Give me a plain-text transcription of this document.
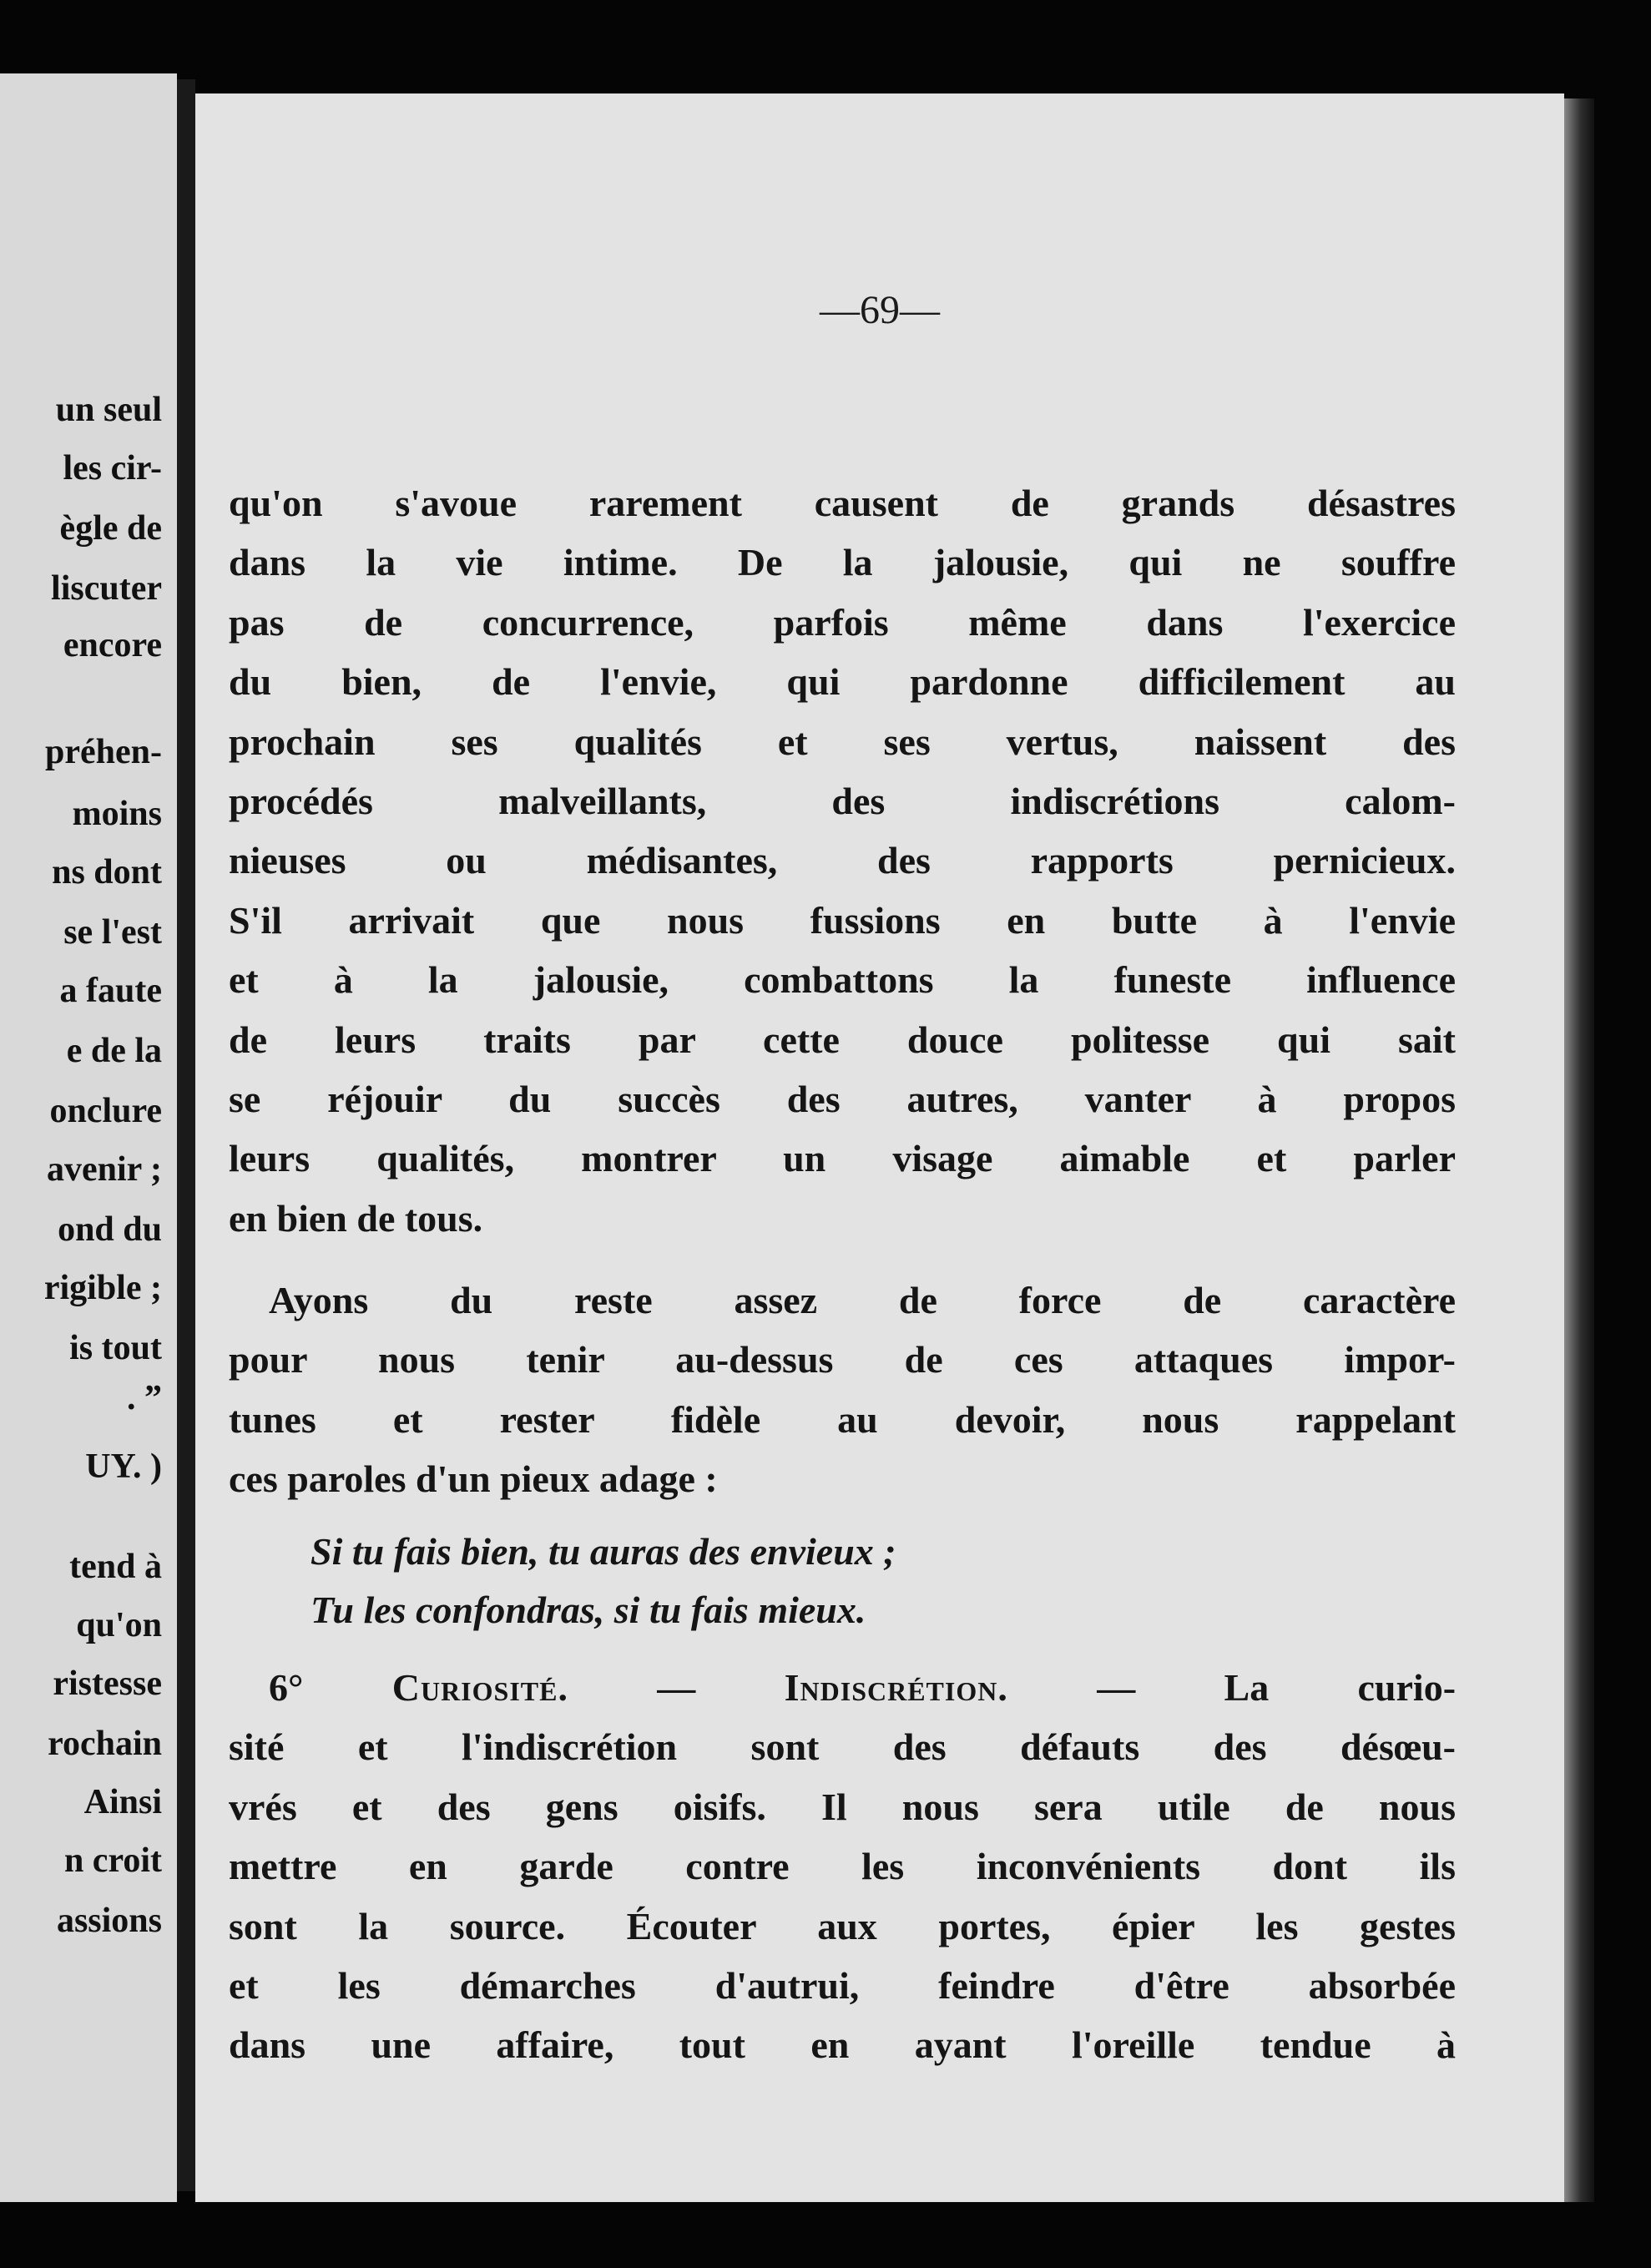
un seul
les cir-
ègle de
liscuter
encore
préhen-
moins
ns dont
se l'est
a faute
e de la
onclure
avenir ;
ond du
rigible ;
is tout
. ”
UY. )
tend à
qu'on
ristesse
rochain
Ainsi
n croit
assions
—69—
qu'on s'avoue rarement causent de grands désastres
dans la vie intime. De la jalousie, qui ne souffre
pas de concurrence, parfois même dans l'exercice
du bien, de l'envie, qui pardonne difficilement au
prochain ses qualités et ses vertus, naissent des
procédés malveillants, des indiscrétions calom-
nieuses ou médisantes, des rapports pernicieux.
S'il arrivait que nous fussions en butte à l'envie
et à la jalousie, combattons la funeste influence
de leurs traits par cette douce politesse qui sait
se réjouir du succès des autres, vanter à propos
leurs qualités, montrer un visage aimable et parler
en bien de tous.
Ayons du reste assez de force de caractère
pour nous tenir au-dessus de ces attaques impor-
tunes et rester fidèle au devoir, nous rappelant
ces paroles d'un pieux adage :
Si tu fais bien, tu auras des envieux ;
Tu les confondras, si tu fais mieux.
6° Curiosité. — Indiscrétion. — La curio-
sité et l'indiscrétion sont des défauts des désœu-
vrés et des gens oisifs. Il nous sera utile de nous
mettre en garde contre les inconvénients dont ils
sont la source. Écouter aux portes, épier les gestes
et les démarches d'autrui, feindre d'être absorbée
dans une affaire, tout en ayant l'oreille tendue à
